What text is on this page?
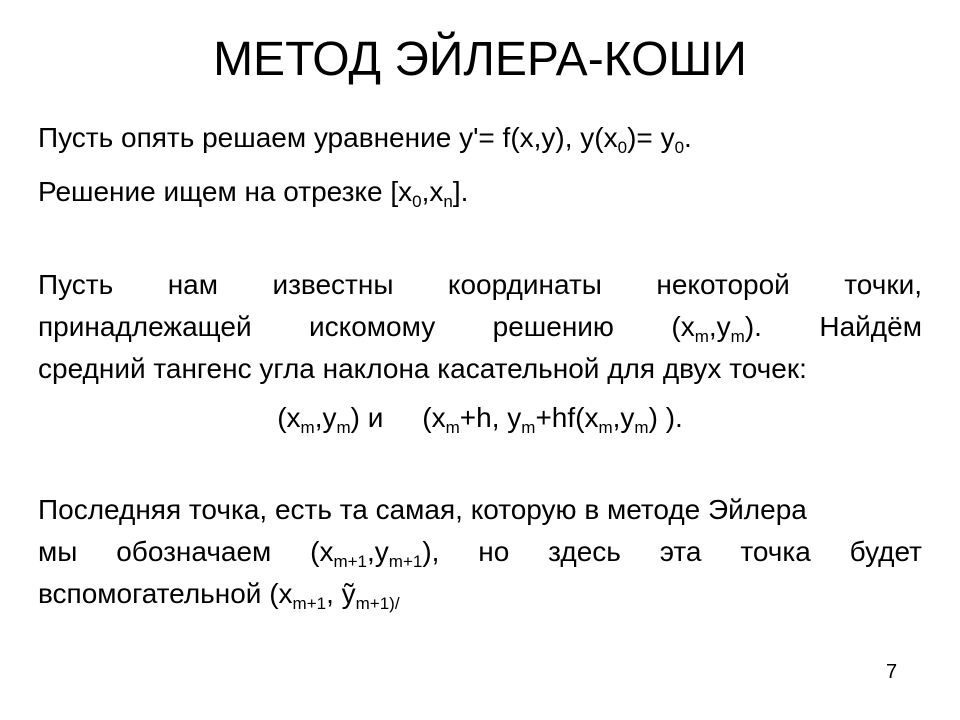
МЕТОД ЭЙЛЕРА-КОШИ
Пусть опять решаем уравнение y'= f(x,y), $y(x_0)= y_0$.
Решение ищем на отрезке $[x_0,x_n]$.
Пусть нам известны координаты некоторой точки,
принадлежащей искомому решению $(x_m,y_m)$. Найдём
средний тангенс угла наклона касательной для двух точек:
$(x_m,y_m)$ и     ($x_m+h$, $y_m+hf(x_m,y_m)$ ).
Последняя точка, есть та самая, которую в методе Эйлера
мы обозначаем $(x_{m+1},y_{m+1})$, но здесь эта точка будет
вспомогательной ($x_{m+1}$, ỹ$_{m+1)/}$
7
